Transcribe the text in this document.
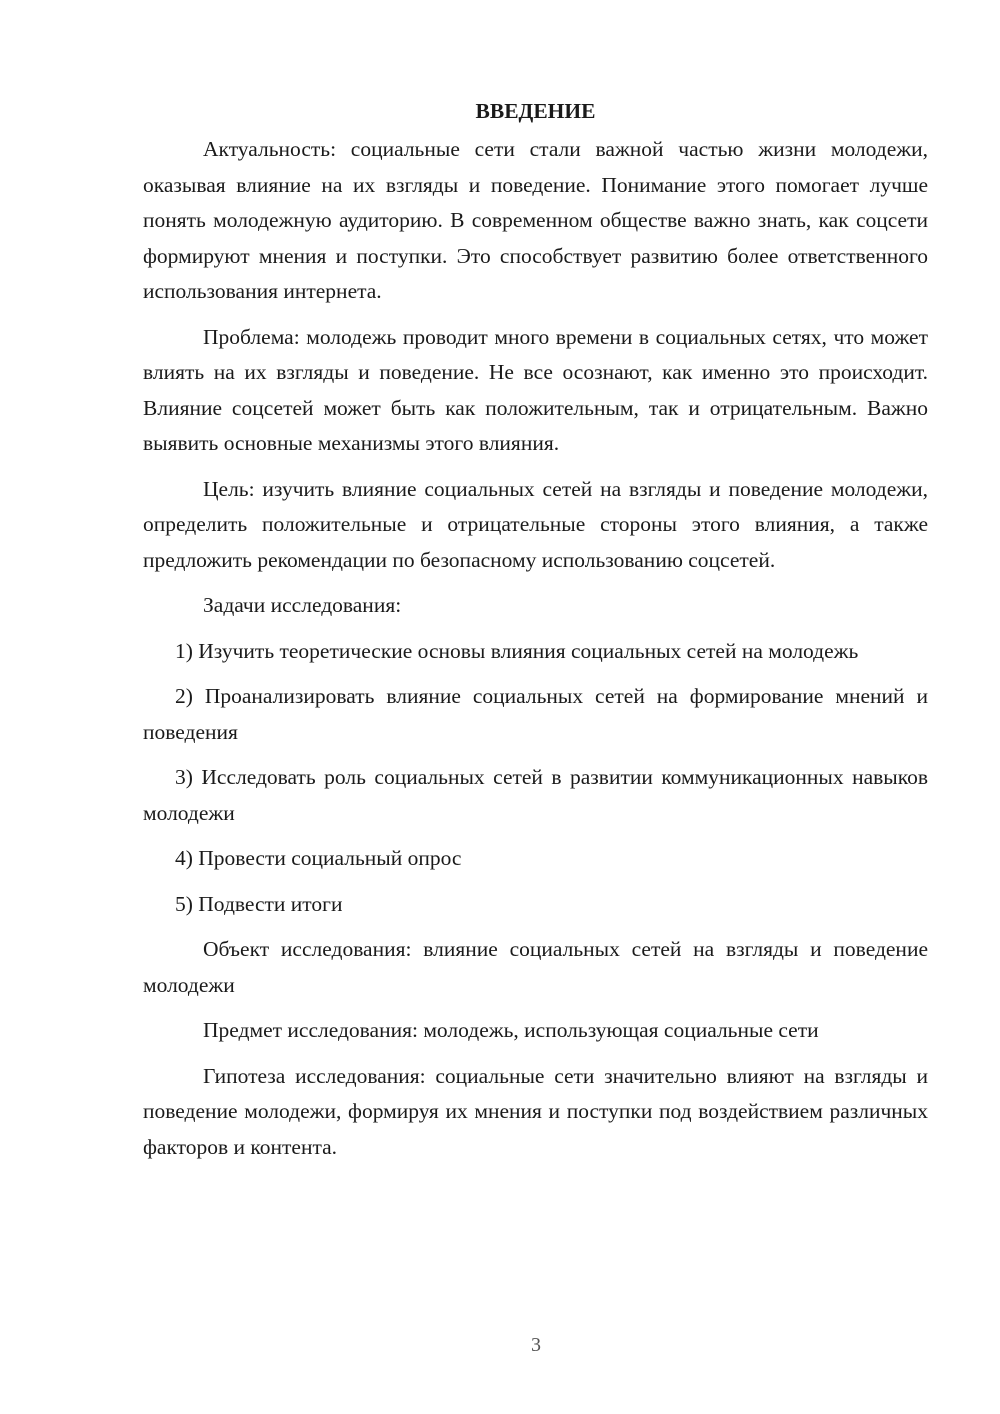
ВВЕДЕНИЕ

Актуальность: социальные сети стали важной частью жизни молодежи, оказывая влияние на их взгляды и поведение. Понимание этого помогает лучше понять молодежную аудиторию. В современном обществе важно знать, как соцсети формируют мнения и поступки. Это способствует развитию более ответственного использования интернета.

Проблема: молодежь проводит много времени в социальных сетях, что может влиять на их взгляды и поведение. Не все осознают, как именно это происходит. Влияние соцсетей может быть как положительным, так и отрицательным. Важно выявить основные механизмы этого влияния.

Цель: изучить влияние социальных сетей на взгляды и поведение молодежи, определить положительные и отрицательные стороны этого влияния, а также предложить рекомендации по безопасному использованию соцсетей.

Задачи исследования:

1) Изучить теоретические основы влияния социальных сетей на молодежь

2) Проанализировать влияние социальных сетей на формирование мнений и поведения

3) Исследовать роль социальных сетей в развитии коммуникационных навыков молодежи

4) Провести социальный опрос

5) Подвести итоги

Объект исследования: влияние социальных сетей на взгляды и поведение молодежи

Предмет исследования: молодежь, использующая социальные сети

Гипотеза исследования: социальные сети значительно влияют на взгляды и поведение молодежи, формируя их мнения и поступки под воздействием различных факторов и контента.

3
